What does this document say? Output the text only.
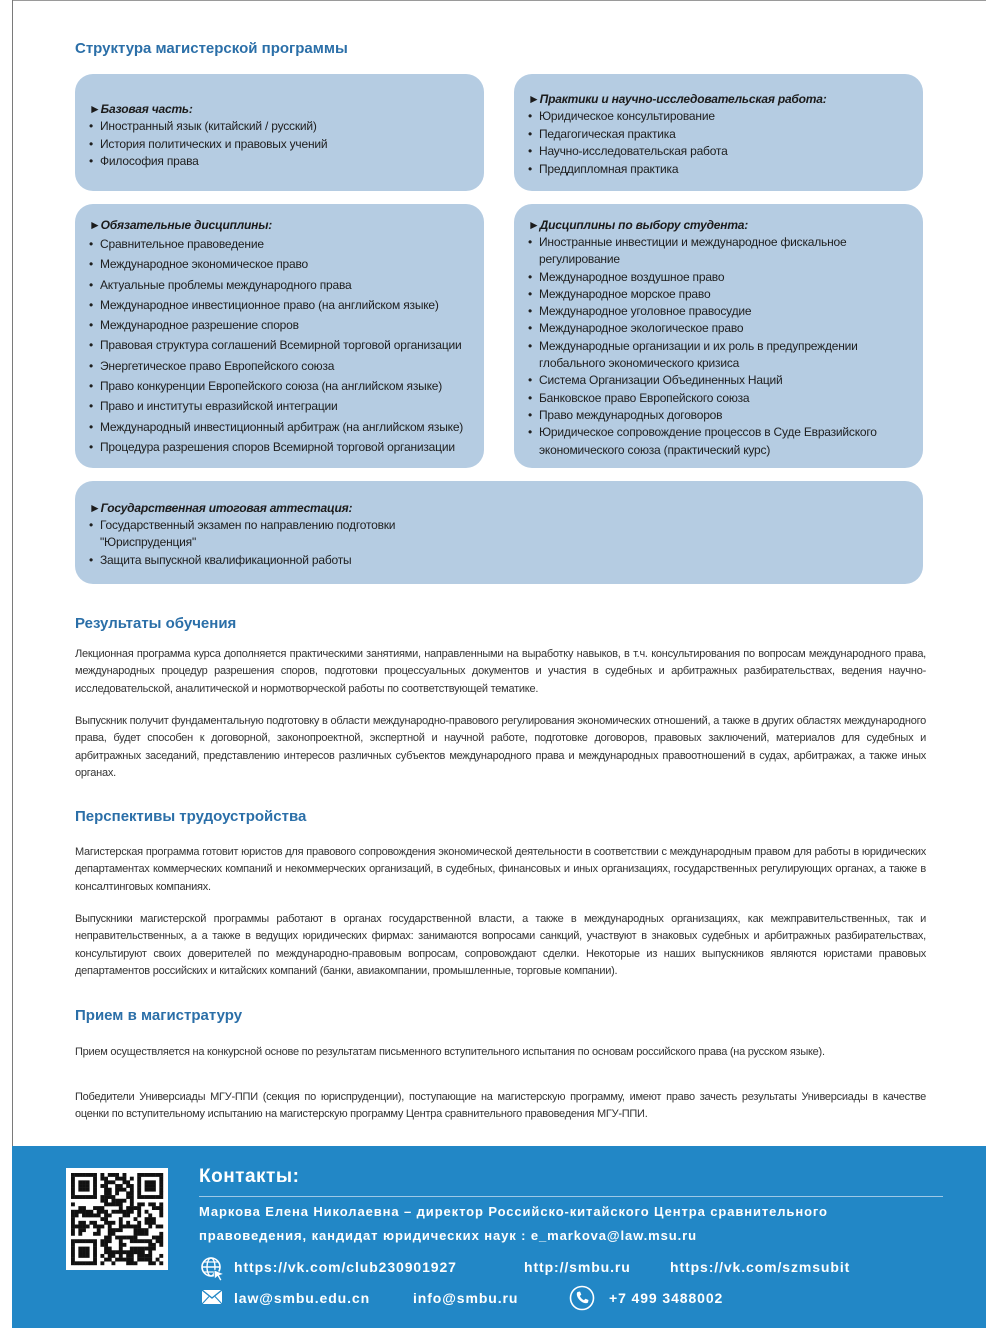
Структура магистерской программы
►Базовая часть:
• Иностранный язык (китайский / русский)
• История политических и правовых учений
• Философия права
►Практики и научно-исследовательская работа:
• Юридическое консультирование
• Педагогическая практика
• Научно-исследовательская работа
• Преддипломная практика
►Обязательные дисциплины:
• Сравнительное правоведение
• Международное экономическое право
• Актуальные проблемы международного права
• Международное инвестиционное право (на английском языке)
• Международное разрешение споров
• Правовая структура соглашений Всемирной торговой организации
• Энергетическое право Европейского союза
• Право конкуренции Европейского союза (на английском языке)
• Право и институты евразийской интеграции
• Международный инвестиционный арбитраж (на английском языке)
• Процедура разрешения споров Всемирной торговой организации
►Дисциплины по выбору студента:
• Иностранные инвестиции и международное фискальное регулирование
• Международное воздушное право
• Международное морское право
• Международное уголовное правосудие
• Международное экологическое право
• Международные организации и их роль в предупреждении глобального экономического кризиса
• Система Организации Объединенных Наций
• Банковское право Европейского союза
• Право международных договоров
• Юридическое сопровождение процессов в Суде Евразийского экономического союза (практический курс)
►Государственная итоговая аттестация:
• Государственный экзамен по направлению подготовки "Юриспруденция"
• Защита выпускной квалификационной работы
Результаты обучения

Лекционная программа курса дополняется практическими занятиями, направленными на выработку навыков, в т.ч. консультирования по вопросам международного права, международных процедур разрешения споров, подготовки процессуальных документов и участия в судебных и арбитражных разбирательствах, ведения научно-исследовательской, аналитической и нормотворческой работы по соответствующей тематике.

Выпускник получит фундаментальную подготовку в области международно-правового регулирования экономических отношений, а также в других областях международного права, будет способен к договорной, законопроектной, экспертной и научной работе, подготовке договоров, правовых заключений, материалов для судебных и арбитражных заседаний, представлению интересов различных субъектов международного права и международных правоотношений в судах, арбитражах, а также иных органах.

Перспективы трудоустройства

Магистерская программа готовит юристов для правового сопровождения экономической деятельности в соответствии с международным правом для работы в юридических департаментах коммерческих компаний и некоммерческих организаций, в судебных, финансовых и иных организациях, государственных регулирующих органах, а также в консалтинговых компаниях.

Выпускники магистерской программы работают в органах государственной власти, а также в международных организациях, как межправительственных, так и неправительственных, а а также в ведущих юридических фирмах: занимаются вопросами санкций, участвуют в знаковых судебных и арбитражных разбирательствах, консультируют своих доверителей по международно-правовым вопросам, сопровождают сделки. Некоторые из наших выпускников являются юристами правовых департаментов российских и китайских компаний (банки, авиакомпании, промышленные, торговые компании).

Прием в магистратуру

Прием осуществляется на конкурсной основе по результатам письменного вступительного испытания по основам российского права (на русском языке).

Победители Универсиады МГУ-ППИ (секция по юриспруденции), поступающие на магистерскую программу, имеют право зачесть результаты Универсиады в качестве оценки по вступительному испытанию на магистерскую программу Центра сравнительного правоведения МГУ-ППИ.

Контакты:
Маркова Елена Николаевна – директор Российско-китайского Центра сравнительного
правоведения, кандидат юридических наук : e_markova@law.msu.ru
https://vk.com/club230901927	http://smbu.ru	https://vk.com/szmsubit
law@smbu.edu.cn	info@smbu.ru	+7 499 3488002
